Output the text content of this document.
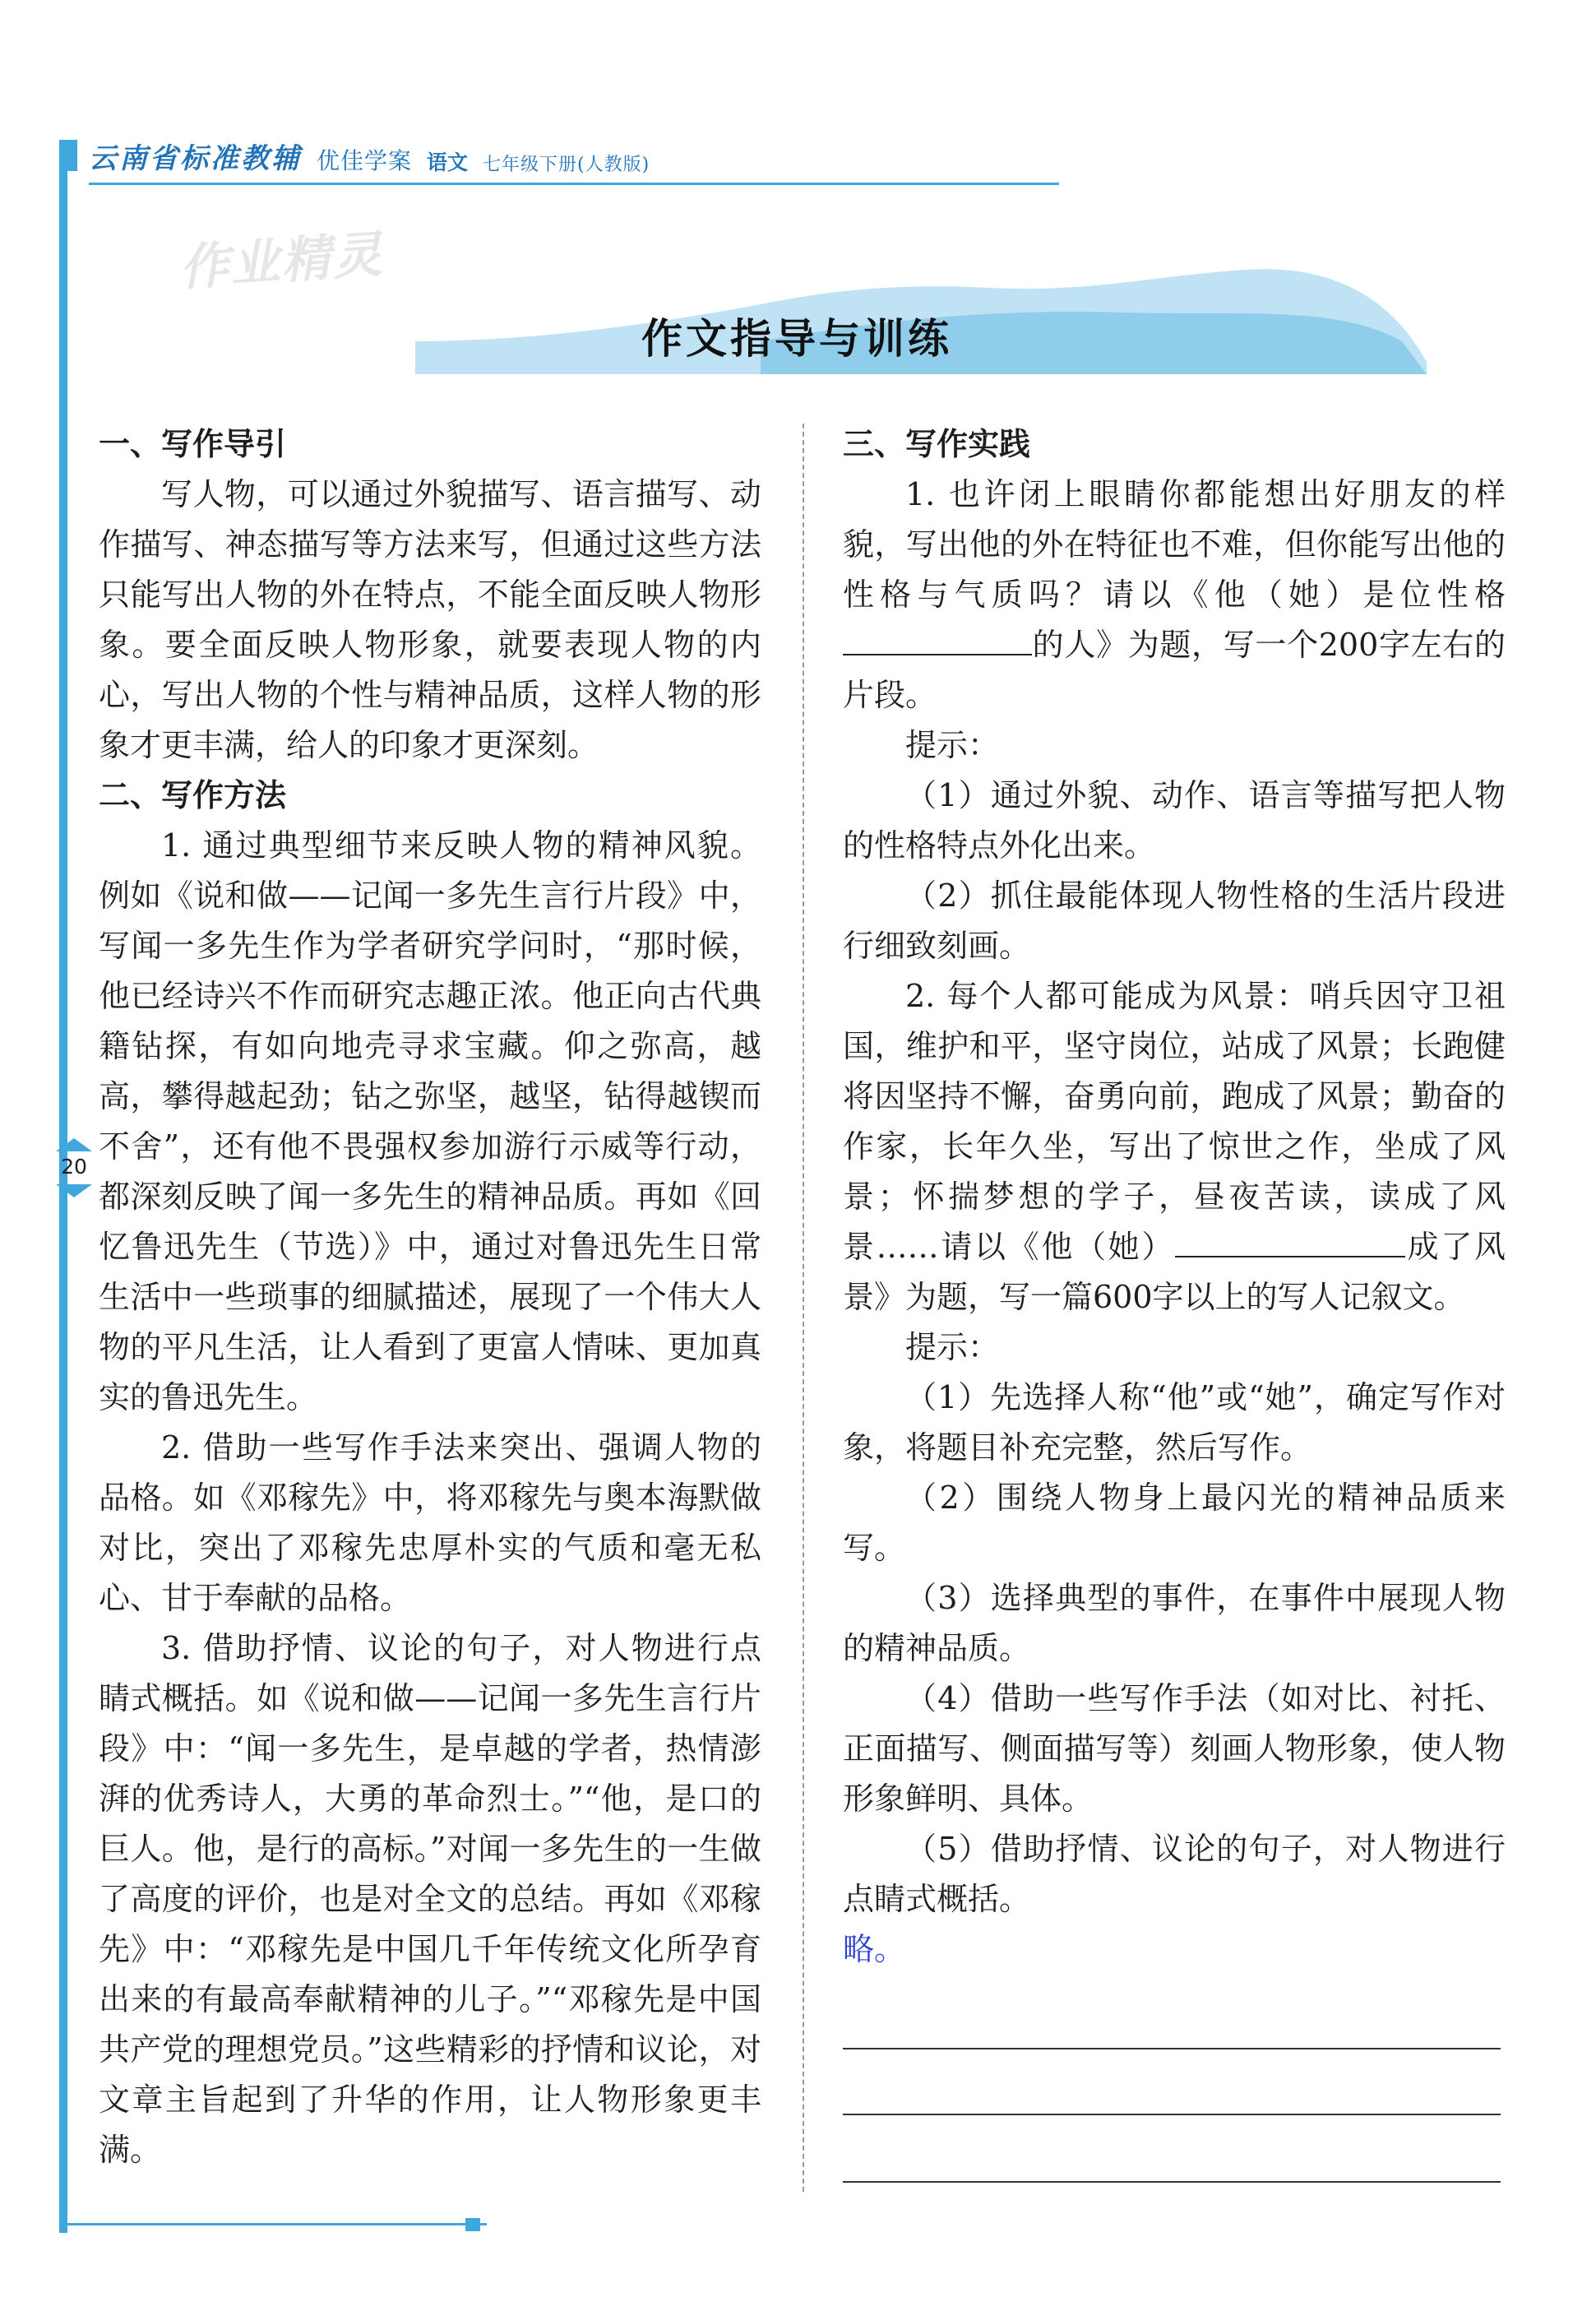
20
云南省标准教辅 优佳学案 语文 七年级下册(人教版)
作业精灵
作文指导与训练

一、写作导引

写人物，可以通过外貌描写、语言描写、动作描写、神态描写等方法来写，但通过这些方法只能写出人物的外在特点，不能全面反映人物形象。要全面反映人物形象，就要表现人物的内心，写出人物的个性与精神品质，这样人物的形象才更丰满，给人的印象才更深刻。

二、写作方法

1. 通过典型细节来反映人物的精神风貌。例如《说和做——记闻一多先生言行片段》中，写闻一多先生作为学者研究学问时，“那时候，他已经诗兴不作而研究志趣正浓。他正向古代典籍钻探，有如向地壳寻求宝藏。仰之弥高，越高，攀得越起劲；钻之弥坚，越坚，钻得越锲而不舍”，还有他不畏强权参加游行示威等行动，都深刻反映了闻一多先生的精神品质。再如《回忆鲁迅先生（节选）》中，通过对鲁迅先生日常生活中一些琐事的细腻描述，展现了一个伟大人物的平凡生活，让人看到了更富人情味、更加真实的鲁迅先生。

2. 借助一些写作手法来突出、强调人物的品格。如《邓稼先》中，将邓稼先与奥本海默做对比，突出了邓稼先忠厚朴实的气质和毫无私心、甘于奉献的品格。

3. 借助抒情、议论的句子，对人物进行点睛式概括。如《说和做——记闻一多先生言行片段》中：“闻一多先生，是卓越的学者，热情澎湃的优秀诗人，大勇的革命烈士。”“他，是口的巨人。他，是行的高标。”对闻一多先生的一生做了高度的评价，也是对全文的总结。再如《邓稼先》中：“邓稼先是中国几千年传统文化所孕育出来的有最高奉献精神的儿子。”“邓稼先是中国共产党的理想党员。”这些精彩的抒情和议论，对文章主旨起到了升华的作用，让人物形象更丰满。

三、写作实践

1. 也许闭上眼睛你都能想出好朋友的样貌，写出他的外在特征也不难，但你能写出他的性格与气质吗？请以《他（她）是位性格的人》为题，写一个200字左右的片段。

提示：

（1）通过外貌、动作、语言等描写把人物的性格特点外化出来。

（2）抓住最能体现人物性格的生活片段进行细致刻画。

2. 每个人都可能成为风景：哨兵因守卫祖国，维护和平，坚守岗位，站成了风景；长跑健将因坚持不懈，奋勇向前，跑成了风景；勤奋的作家，长年久坐，写出了惊世之作，坐成了风景；怀揣梦想的学子，昼夜苦读，读成了风景……请以《他（她）	成了风景》为题，写一篇600字以上的写人记叙文。

提示：

（1）先选择人称“他”或“她”，确定写作对象，将题目补充完整，然后写作。

（2）围绕人物身上最闪光的精神品质来写。

（3）选择典型的事件，在事件中展现人物的精神品质。

（4）借助一些写作手法（如对比、衬托、正面描写、侧面描写等）刻画人物形象，使人物形象鲜明、具体。

（5）借助抒情、议论的句子，对人物进行点睛式概括。

略。
